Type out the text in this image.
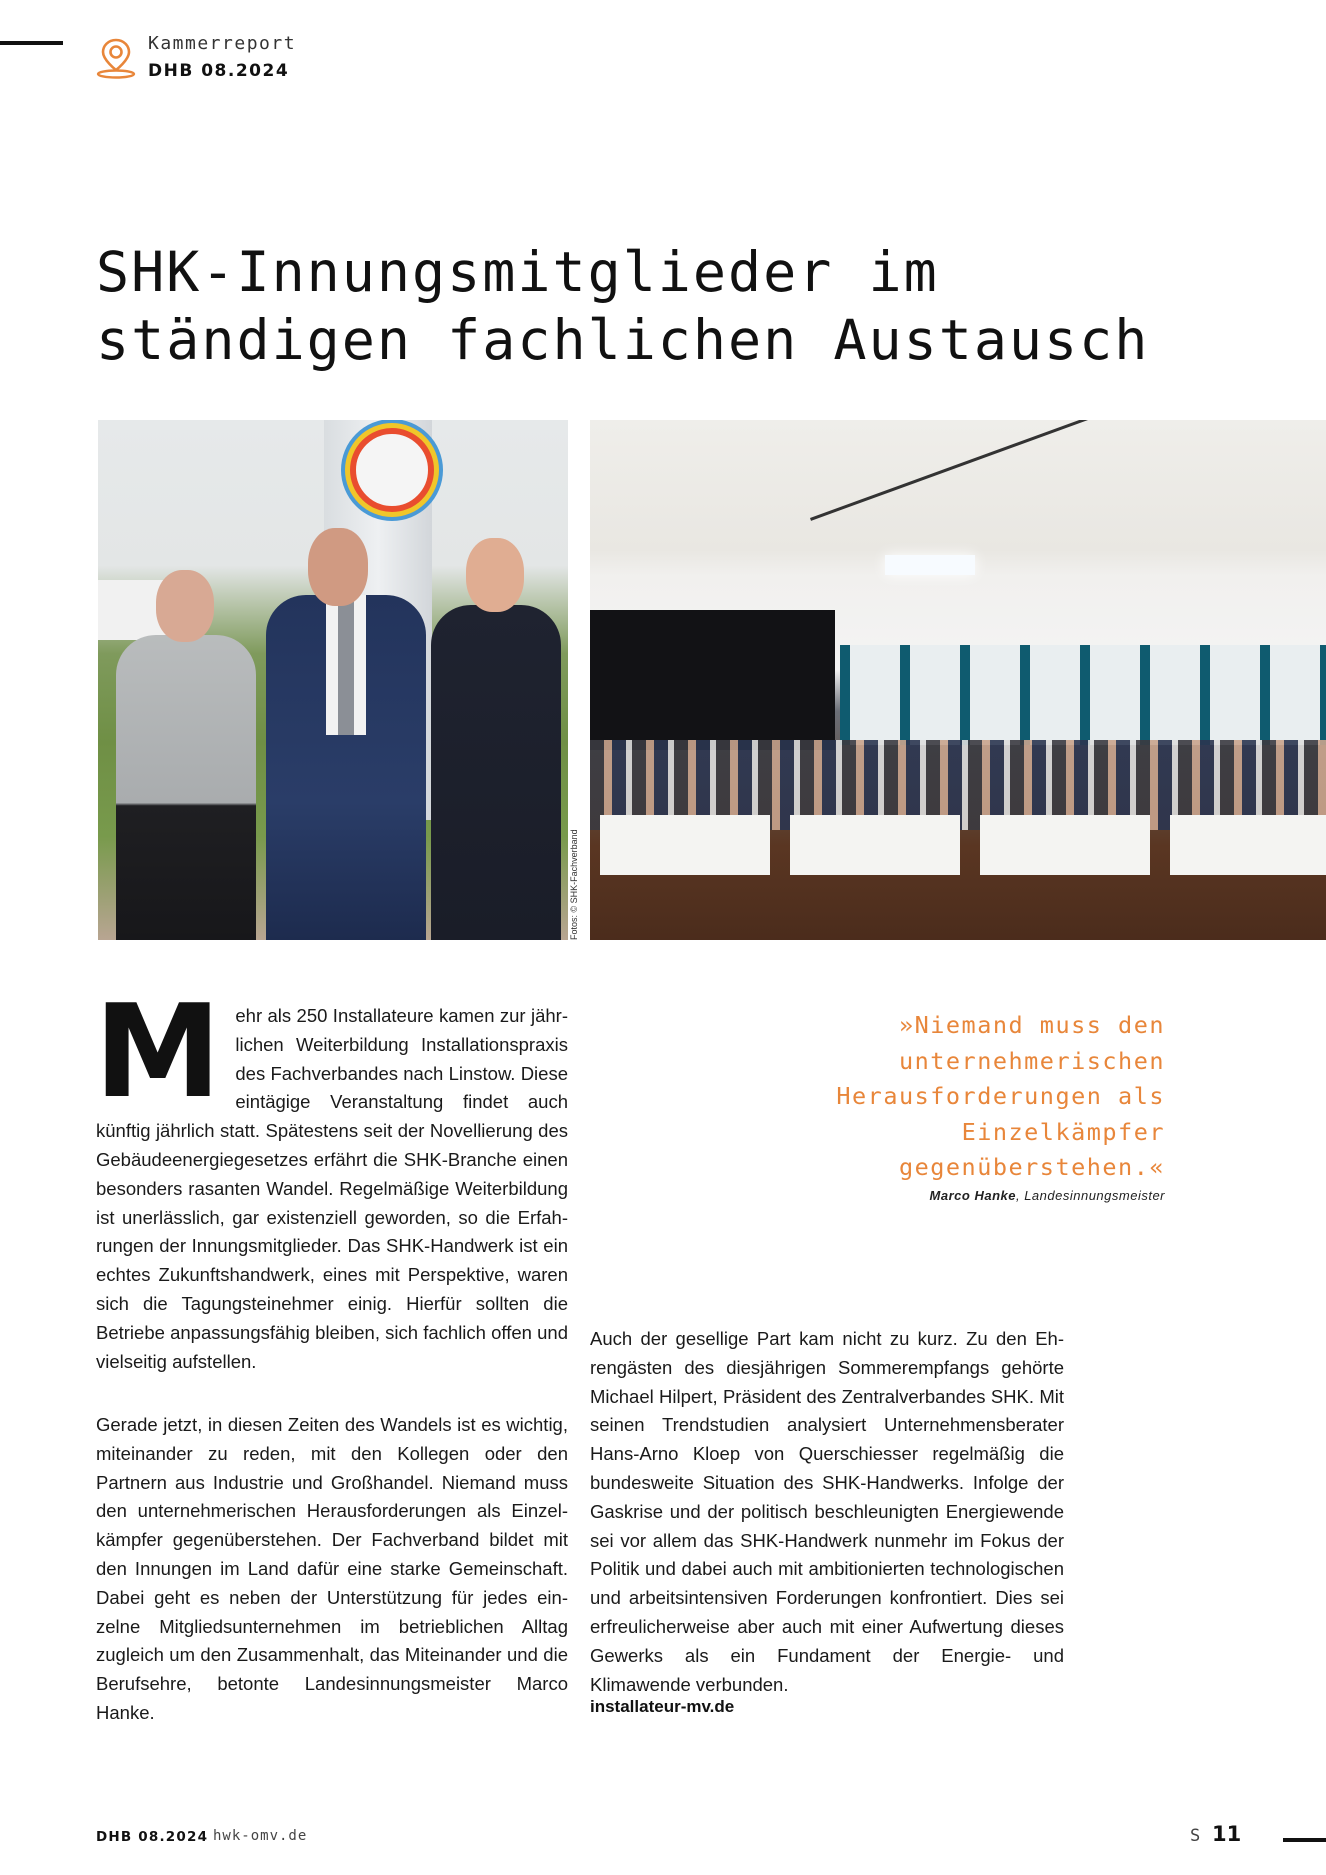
Kammerreport
DHB 08.2024
SHK-Innungsmitglieder im
ständigen fachlichen Austausch
Fotos: © SHK-Fachverband
M ehr als 250 Installateure kamen zur jährlichen Weiterbildung Installationspraxis des Fachverbandes nach Linstow. Diese eintägige Veranstaltung findet auch künftig jährlich statt. Spätestens seit der Novellierung des Gebäudeenergiegesetzes erfährt die SHK-Branche einen besonders rasanten Wandel. Regelmäßige Weiterbildung ist unerlässlich, gar existenziell geworden, so die Erfahrungen der Innungsmitglieder. Das SHK-Handwerk ist ein echtes Zukunftshandwerk, eines mit Perspektive, waren sich die Tagungsteinehmer einig. Hierfür sollten die Betriebe anpassungsfähig bleiben, sich fachlich offen und vielseitig aufstellen.

Gerade jetzt, in diesen Zeiten des Wandels ist es wichtig, miteinander zu reden, mit den Kollegen oder den Partnern aus Industrie und Großhandel. Niemand muss den unternehmerischen Herausforderungen als Einzelkämpfer gegenüberstehen. Der Fachverband bildet mit den Innungen im Land dafür eine starke Gemeinschaft. Dabei geht es neben der Unterstützung für jedes einzelne Mitgliedsunternehmen im betrieblichen Alltag zugleich um den Zusammenhalt, das Miteinander und die Berufsehre, betonte Landesinnungsmeister Marco Hanke.

»Niemand muss den
unternehmerischen
Herausforderungen als
Einzelkämpfer
gegenüberstehen.«
Marco Hanke, Landesinnungsmeister

Auch der gesellige Part kam nicht zu kurz. Zu den Ehrengästen des diesjährigen Sommerempfangs gehörte Michael Hilpert, Präsident des Zentralverbandes SHK. Mit seinen Trendstudien analysiert Unternehmensberater Hans-Arno Kloep von Querschiesser regelmäßig die bundesweite Situation des SHK-Handwerks. Infolge der Gaskrise und der politisch beschleunigten Energiewende sei vor allem das SHK-Handwerk nunmehr im Fokus der Politik und dabei auch mit ambitionierten technologischen und arbeitsintensiven Forderungen konfrontiert. Dies sei erfreulicherweise aber auch mit einer Aufwertung dieses Gewerks als ein Fundament der Energie- und Klimawende verbunden.

installateur-mv.de
DHB 08.2024 hwk-omv.de	S 11
